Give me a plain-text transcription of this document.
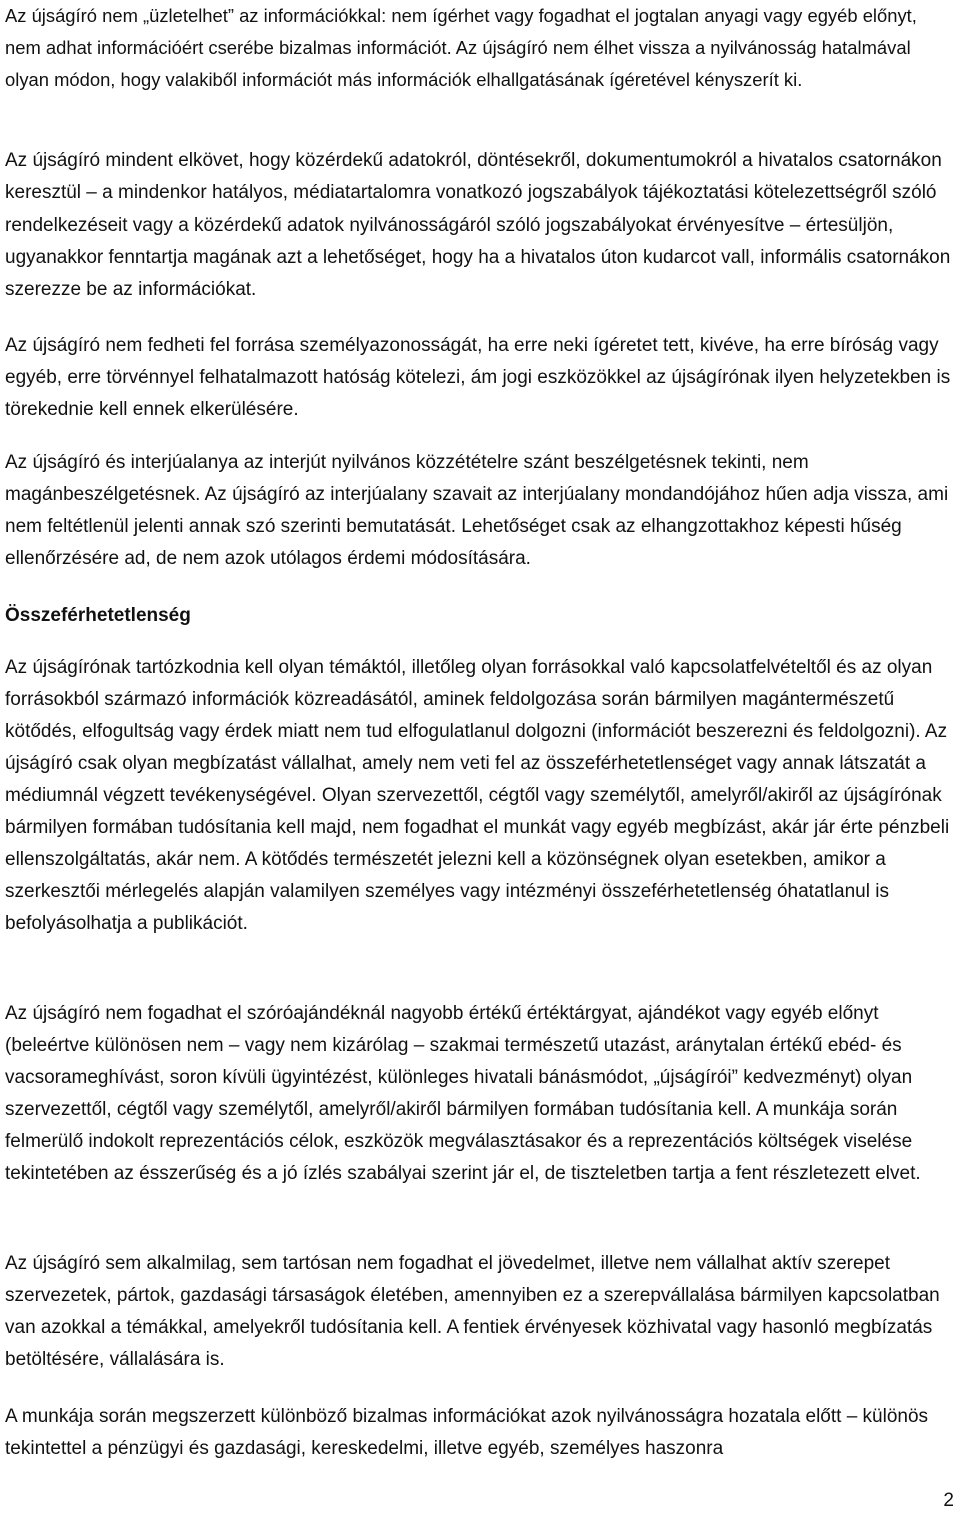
Az újságíró nem „üzletelhet” az információkkal: nem ígérhet vagy fogadhat el jogtalan anyagi vagy egyéb előnyt, nem adhat információért cserébe bizalmas információt. Az újságíró nem élhet vissza a nyilvánosság hatalmával olyan módon, hogy valakiből információt más információk elhallgatásának ígéretével kényszerít ki.

Az újságíró mindent elkövet, hogy közérdekű adatokról, döntésekről, dokumentumokról a hivatalos csatornákon keresztül – a mindenkor hatályos, médiatartalomra vonatkozó jogszabályok tájékoztatási kötelezettségről szóló rendelkezéseit vagy a közérdekű adatok nyilvánosságáról szóló jogszabályokat érvényesítve – értesüljön, ugyanakkor fenntartja magának azt a lehetőséget, hogy ha a hivatalos úton kudarcot vall, informális csatornákon szerezze be az információkat.

Az újságíró nem fedheti fel forrása személyazonosságát, ha erre neki ígéretet tett, kivéve, ha erre bíróság vagy egyéb, erre törvénnyel felhatalmazott hatóság kötelezi, ám jogi eszközökkel az újságírónak ilyen helyzetekben is törekednie kell ennek elkerülésére.

Az újságíró és interjúalanya az interjút nyilvános közzétételre szánt beszélgetésnek tekinti, nem magánbeszélgetésnek. Az újságíró az interjúalany szavait az interjúalany mondandójához hűen adja vissza, ami nem feltétlenül jelenti annak szó szerinti bemutatását. Lehetőséget csak az elhangzottakhoz képesti hűség ellenőrzésére ad, de nem azok utólagos érdemi módosítására.

Összeférhetetlenség

Az újságírónak tartózkodnia kell olyan témáktól, illetőleg olyan forrásokkal való kapcsolatfelvételtől és az olyan forrásokból származó információk közreadásától, aminek feldolgozása során bármilyen magántermészetű kötődés, elfogultság vagy érdek miatt nem tud elfogulatlanul dolgozni (információt beszerezni és feldolgozni). Az újságíró csak olyan megbízatást vállalhat, amely nem veti fel az összeférhetetlenséget vagy annak látszatát a médiumnál végzett tevékenységével. Olyan szervezettől, cégtől vagy személytől, amelyről/akiről az újságírónak bármilyen formában tudósítania kell majd, nem fogadhat el munkát vagy egyéb megbízást, akár jár érte pénzbeli ellenszolgáltatás, akár nem. A kötődés természetét jelezni kell a közönségnek olyan esetekben, amikor a szerkesztői mérlegelés alapján valamilyen személyes vagy intézményi összeférhetetlenség óhatatlanul is befolyásolhatja a publikációt.

Az újságíró nem fogadhat el szóróajándéknál nagyobb értékű értéktárgyat, ajándékot vagy egyéb előnyt (beleértve különösen nem – vagy nem kizárólag – szakmai természetű utazást, aránytalan értékű ebéd- és vacsorameghívást, soron kívüli ügyintézést, különleges hivatali bánásmódot, „újságírói” kedvezményt) olyan szervezettől, cégtől vagy személytől, amelyről/akiről bármilyen formában tudósítania kell. A munkája során felmerülő indokolt reprezentációs célok, eszközök megválasztásakor és a reprezentációs költségek viselése tekintetében az ésszerűség és a jó ízlés szabályai szerint jár el, de tiszteletben tartja a fent részletezett elvet.

Az újságíró sem alkalmilag, sem tartósan nem fogadhat el jövedelmet, illetve nem vállalhat aktív szerepet szervezetek, pártok, gazdasági társaságok életében, amennyiben ez a szerepvállalása bármilyen kapcsolatban van azokkal a témákkal, amelyekről tudósítania kell. A fentiek érvényesek közhivatal vagy hasonló megbízatás betöltésére, vállalására is.

A munkája során megszerzett különböző bizalmas információkat azok nyilvánosságra hozatala előtt – különös tekintettel a pénzügyi és gazdasági, kereskedelmi, illetve egyéb, személyes haszonra

2
